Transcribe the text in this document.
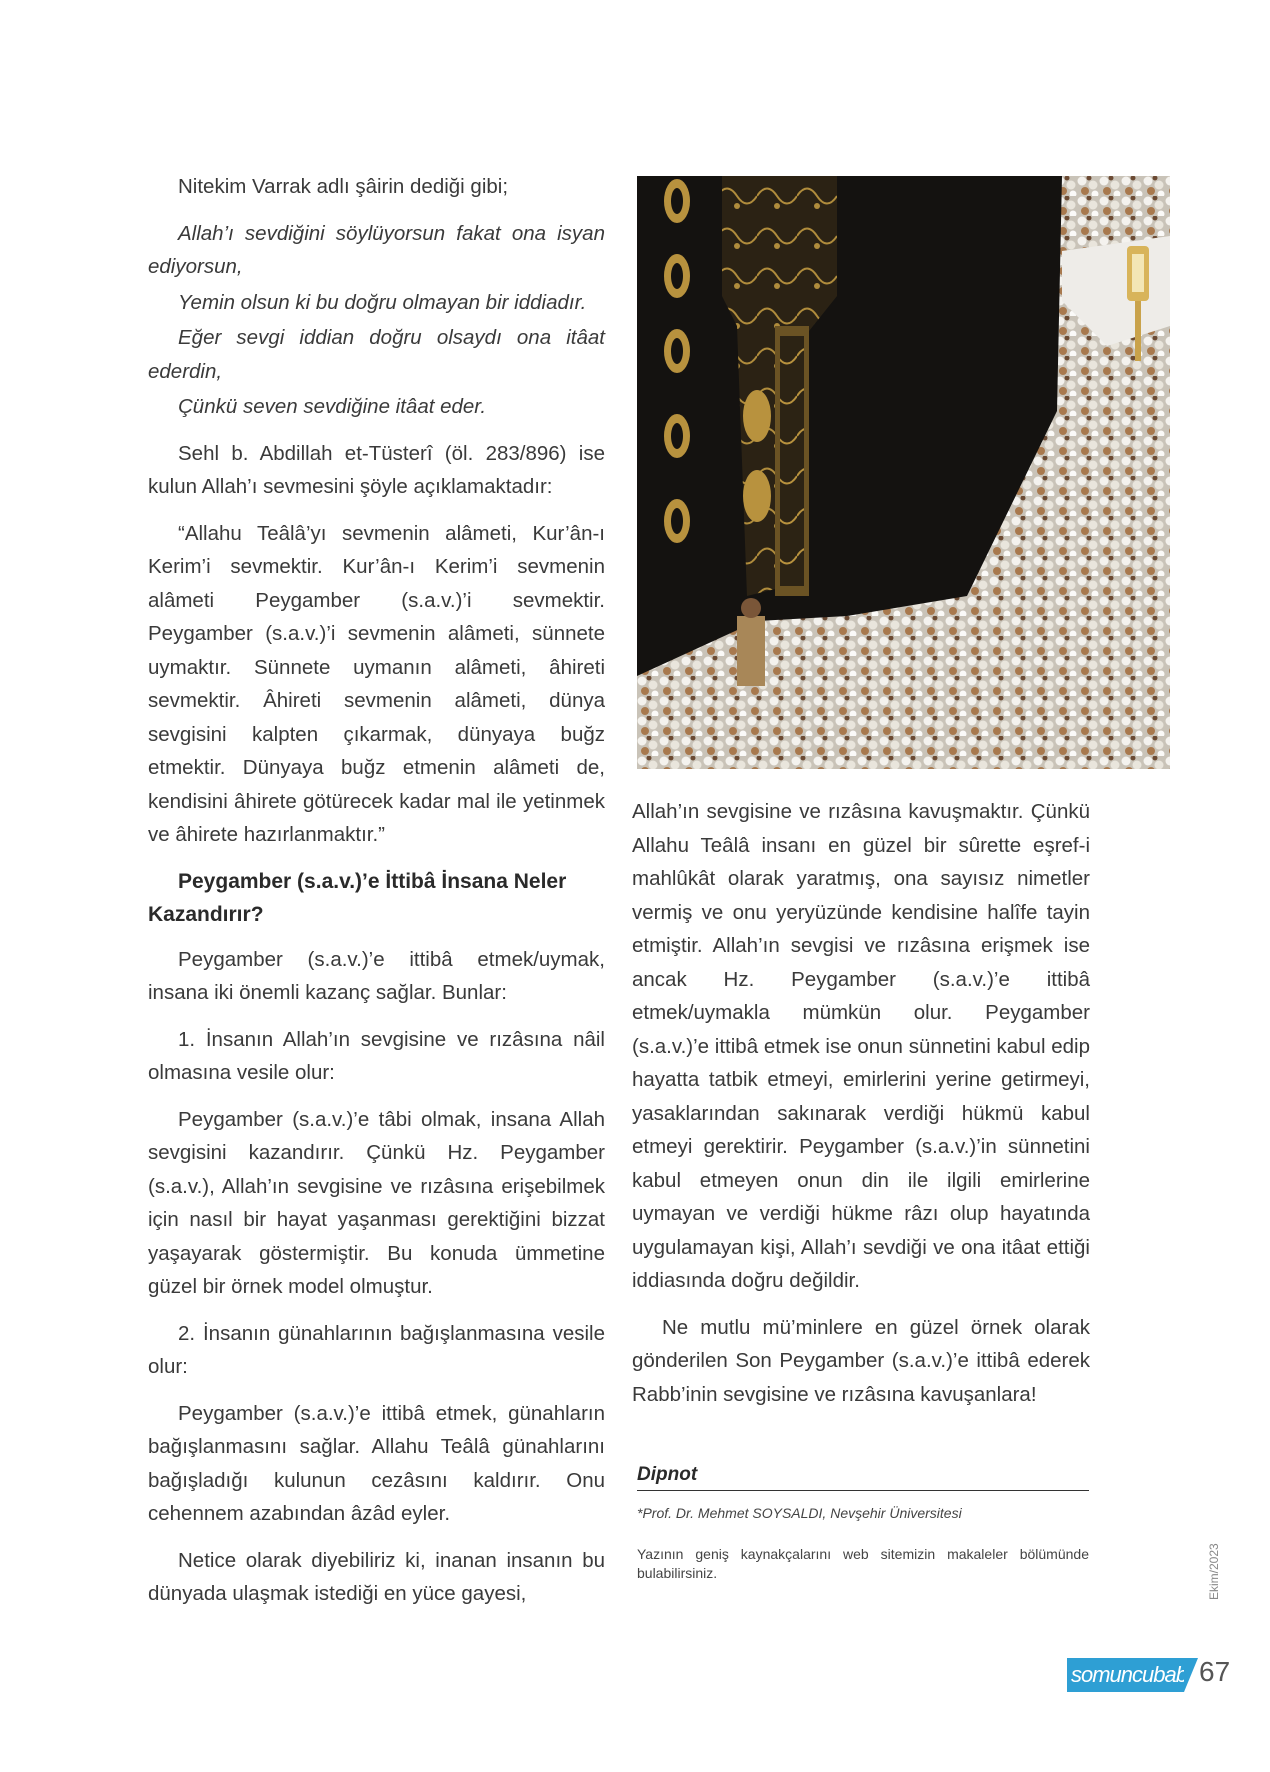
Nitekim Varrak adlı şâirin dediği gibi;

Allah’ı sevdiğini söylüyorsun fakat ona isyan ediyorsun,

Yemin olsun ki bu doğru olmayan bir iddiadır.

Eğer sevgi iddian doğru olsaydı ona itâat ederdin,

Çünkü seven sevdiğine itâat eder.

Sehl b. Abdillah et-Tüsterî (öl. 283/896) ise kulun Allah’ı sevmesini şöyle açıklamaktadır:

“Allahu Teâlâ’yı sevmenin alâmeti, Kur’ân-ı Kerim’i sevmektir. Kur’ân-ı Kerim’i sevmenin alâmeti Peygamber (s.a.v.)’i sevmektir. Peygamber (s.a.v.)’i sevmenin alâmeti, sünnete uymaktır. Sünnete uymanın alâmeti, âhireti sevmektir. Âhireti sevmenin alâmeti, dünya sevgisini kalpten çıkarmak, dünyaya buğz etmektir. Dünyaya buğz etmenin alâmeti de, kendisini âhirete götürecek kadar mal ile yetinmek ve âhirete hazırlanmaktır.”

Peygamber (s.a.v.)’e İttibâ İnsana Neler Kazandırır?

Peygamber (s.a.v.)’e ittibâ etmek/uymak, insana iki önemli kazanç sağlar. Bunlar:

1. İnsanın Allah’ın sevgisine ve rızâsına nâil olmasına vesile olur:

Peygamber (s.a.v.)’e tâbi olmak, insana Allah sevgisini kazandırır. Çünkü Hz. Peygamber (s.a.v.), Allah’ın sevgisine ve rızâsına erişebilmek için nasıl bir hayat yaşanması gerektiğini bizzat yaşayarak göstermiştir. Bu konuda ümmetine güzel bir örnek model olmuştur.

2. İnsanın günahlarının bağışlanmasına vesile olur:

Peygamber (s.a.v.)’e ittibâ etmek, günahların bağışlanmasını sağlar. Allahu Teâlâ günahlarını bağışladığı kulunun cezâsını kaldırır. Onu cehennem azabından âzâd eyler.

Netice olarak diyebiliriz ki, inanan insanın bu dünyada ulaşmak istediği en yüce gayesi,

Allah’ın sevgisine ve rızâsına kavuşmaktır. Çünkü Allahu Teâlâ insanı en güzel bir sûrette eşref-i mahlûkât olarak yaratmış, ona sayısız nimetler vermiş ve onu yeryüzünde kendisine halîfe tayin etmiştir. Allah’ın sevgisi ve rızâsına erişmek ise ancak Hz. Peygamber (s.a.v.)’e ittibâ etmek/uymakla mümkün olur. Peygamber (s.a.v.)’e ittibâ etmek ise onun sünnetini kabul edip hayatta tatbik etmeyi, emirlerini yerine getirmeyi, yasaklarından sakınarak verdiği hükmü kabul etmeyi gerektirir. Peygamber (s.a.v.)’in sünnetini kabul etmeyen onun din ile ilgili emirlerine uymayan ve verdiği hükme râzı olup hayatında uygulamayan kişi, Allah’ı sevdiği ve ona itâat ettiği iddiasında doğru değildir.

Ne mutlu mü’minlere en güzel örnek olarak gönderilen Son Peygamber (s.a.v.)’e ittibâ ederek Rabb’inin sevgisine ve rızâsına kavuşanlara!

Dipnot
*Prof. Dr. Mehmet SOYSALDI, Nevşehir Üniversitesi
Yazının geniş kaynakçalarını web sitemizin makaleler bölümünde bulabilirsiniz.	Ekim/2023
somuncubaba 67
